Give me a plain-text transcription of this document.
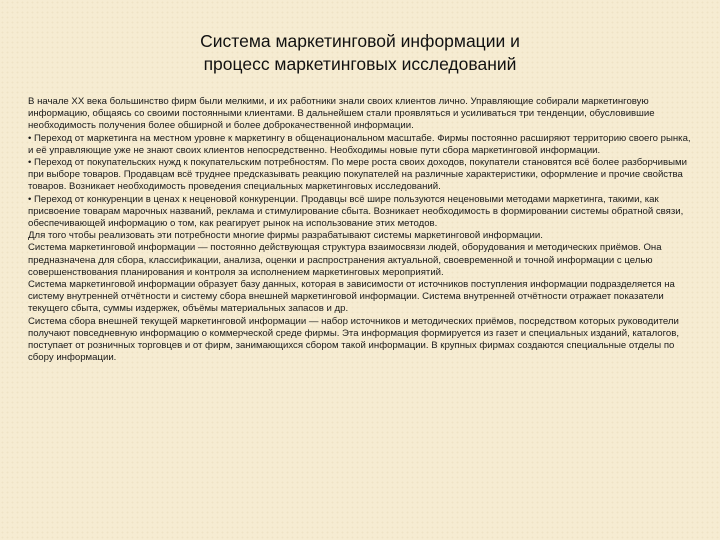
Система маркетинговой информации и
процесс маркетинговых исследований

В начале XX века большинство фирм были мелкими, и их работники знали своих клиентов лично. Управляющие собирали маркетинговую информацию, общаясь со своими постоянными клиентами. В дальнейшем стали проявляться и усиливаться три тенденции, обусловившие необходимость получения более обширной и более доброкачественной информации.

• Переход от маркетинга на местном уровне к маркетингу в общенациональном масштабе. Фирмы постоянно расширяют территорию своего рынка, и её управляющие уже не знают своих клиентов непосредственно. Необходимы новые пути сбора маркетинговой информации.

• Переход от покупательских нужд к покупательским потребностям. По мере роста своих доходов, покупатели становятся всё более разборчивыми при выборе товаров. Продавцам всё труднее предсказывать реакцию покупателей на различные характеристики, оформление и прочие свойства товаров. Возникает необходимость проведения специальных маркетинговых исследований.

• Переход от конкуренции в ценах к неценовой конкуренции. Продавцы всё шире пользуются неценовыми методами маркетинга, такими, как присвоение товарам марочных названий, реклама и стимулирование сбыта. Возникает необходимость в формировании системы обратной связи, обеспечивающей информацию о том, как реагирует рынок на использование этих методов.

Для того чтобы реализовать эти потребности многие фирмы разрабатывают системы маркетинговой информации.

Система маркетинговой информации — постоянно действующая структура взаимосвязи людей, оборудования и методических приёмов. Она предназначена для сбора, классификации, анализа, оценки и распространения актуальной, своевременной и точной информации с целью совершенствования планирования и контроля за исполнением маркетинговых мероприятий.

Система маркетинговой информации образует базу данных, которая в зависимости от источников поступления информации подразделяется на систему внутренней отчётности и систему сбора внешней маркетинговой информации. Система внутренней отчётности отражает показатели текущего сбыта, суммы издержек, объёмы материальных запасов и др.

Система сбора внешней текущей маркетинговой информации — набор источников и методических приёмов, посредством которых руководители получают повседневную информацию о коммерческой среде фирмы. Эта информация формируется из газет и специальных изданий, каталогов, поступает от розничных торговцев и от фирм, занимающихся сбором такой информации. В крупных фирмах создаются специальные отделы по сбору информации.
